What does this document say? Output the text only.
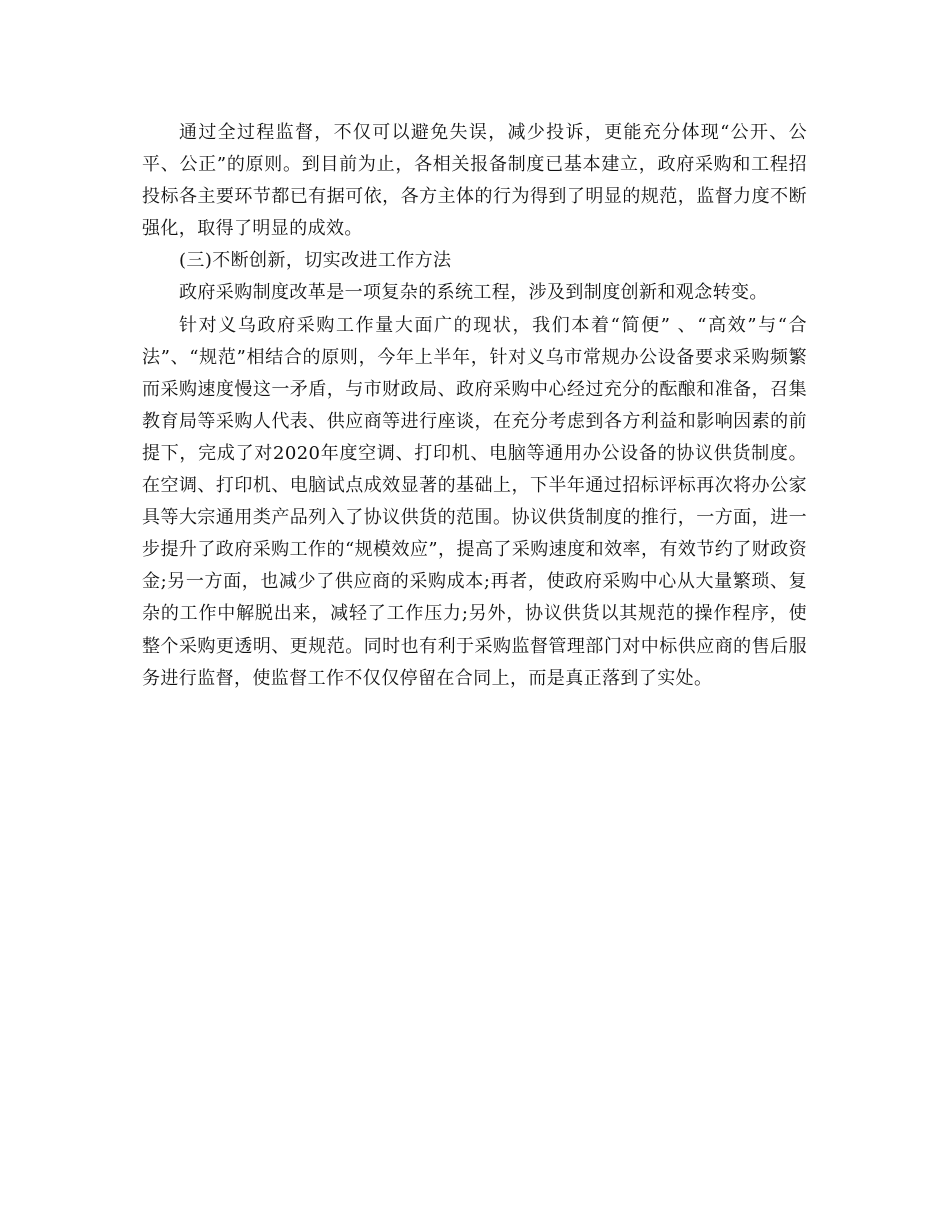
通过全过程监督，不仅可以避免失误，减少投诉，更能充分体现“公开、公平、公正”的原则。到目前为止，各相关报备制度已基本建立，政府采购和工程招投标各主要环节都已有据可依，各方主体的行为得到了明显的规范，监督力度不断强化，取得了明显的成效。

(三)不断创新，切实改进工作方法

政府采购制度改革是一项复杂的系统工程，涉及到制度创新和观念转变。

针对义乌政府采购工作量大面广的现状，我们本着“简便” 、“高效”与“合法”、“规范”相结合的原则，今年上半年，针对义乌市常规办公设备要求采购频繁而采购速度慢这一矛盾，与市财政局、政府采购中心经过充分的酝酿和准备，召集教育局等采购人代表、供应商等进行座谈，在充分考虑到各方利益和影响因素的前提下，完成了对2020年度空调、打印机、电脑等通用办公设备的协议供货制度。在空调、打印机、电脑试点成效显著的基础上，下半年通过招标评标再次将办公家具等大宗通用类产品列入了协议供货的范围。协议供货制度的推行，一方面，进一步提升了政府采购工作的“规模效应”，提高了采购速度和效率，有效节约了财政资金;另一方面，也减少了供应商的采购成本;再者，使政府采购中心从大量繁琐、复杂的工作中解脱出来，减轻了工作压力;另外，协议供货以其规范的操作程序，使整个采购更透明、更规范。同时也有利于采购监督管理部门对中标供应商的售后服务进行监督，使监督工作不仅仅停留在合同上，而是真正落到了实处。
